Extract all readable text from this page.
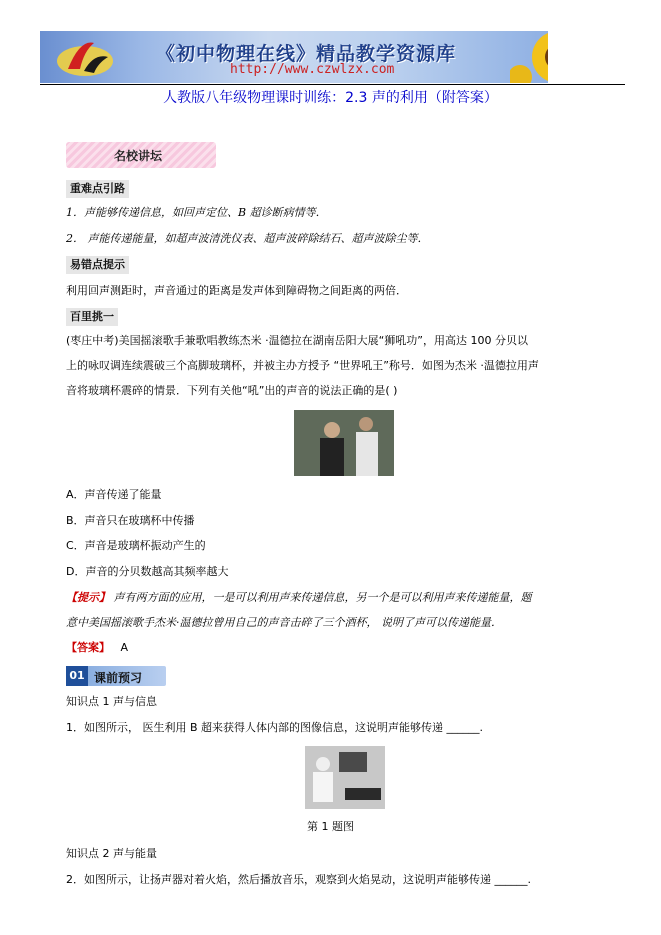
《初中物理在线》精品教学资源库
http://www.czwlzx.com
人教版八年级物理课时训练：2.3 声的利用（附答案）
名校讲坛
重难点引路
1．声能够传递信息，如回声定位、B 超诊断病情等．
2． 声能传递能量，如超声波清洗仪表、超声波碎除结石、超声波除尘等．
易错点提示
利用回声测距时，声音通过的距离是发声体到障碍物之间距离的两倍．
百里挑一
(枣庄中考)美国摇滚歌手兼歌唱教练杰米 ·温德拉在湖南岳阳大展“狮吼功”，用高达 100 分贝以
上的咏叹调连续震破三个高脚玻璃杯，并被主办方授予 “世界吼王”称号．如图为杰米 ·温德拉用声
音将玻璃杯震碎的情景．下列有关他“吼”出的声音的说法正确的是( )
A．声音传递了能量
B．声音只在玻璃杯中传播
C．声音是玻璃杯振动产生的
D．声音的分贝数越高其频率越大
【提示】 声有两方面的应用，一是可以利用声来传递信息，另一个是可以利用声来传递能量，题
意中美国摇滚歌手杰米·温德拉曾用自己的声音击碎了三个酒杯， 说明了声可以传递能量．
【答案】 A
01 课前预习
知识点 1 声与信息
1．如图所示， 医生利用 B 超来获得人体内部的图像信息，这说明声能够传递 ______.
第 1 题图
知识点 2 声与能量
2．如图所示，让扬声器对着火焰，然后播放音乐，观察到火焰晃动，这说明声能够传递 ______.
